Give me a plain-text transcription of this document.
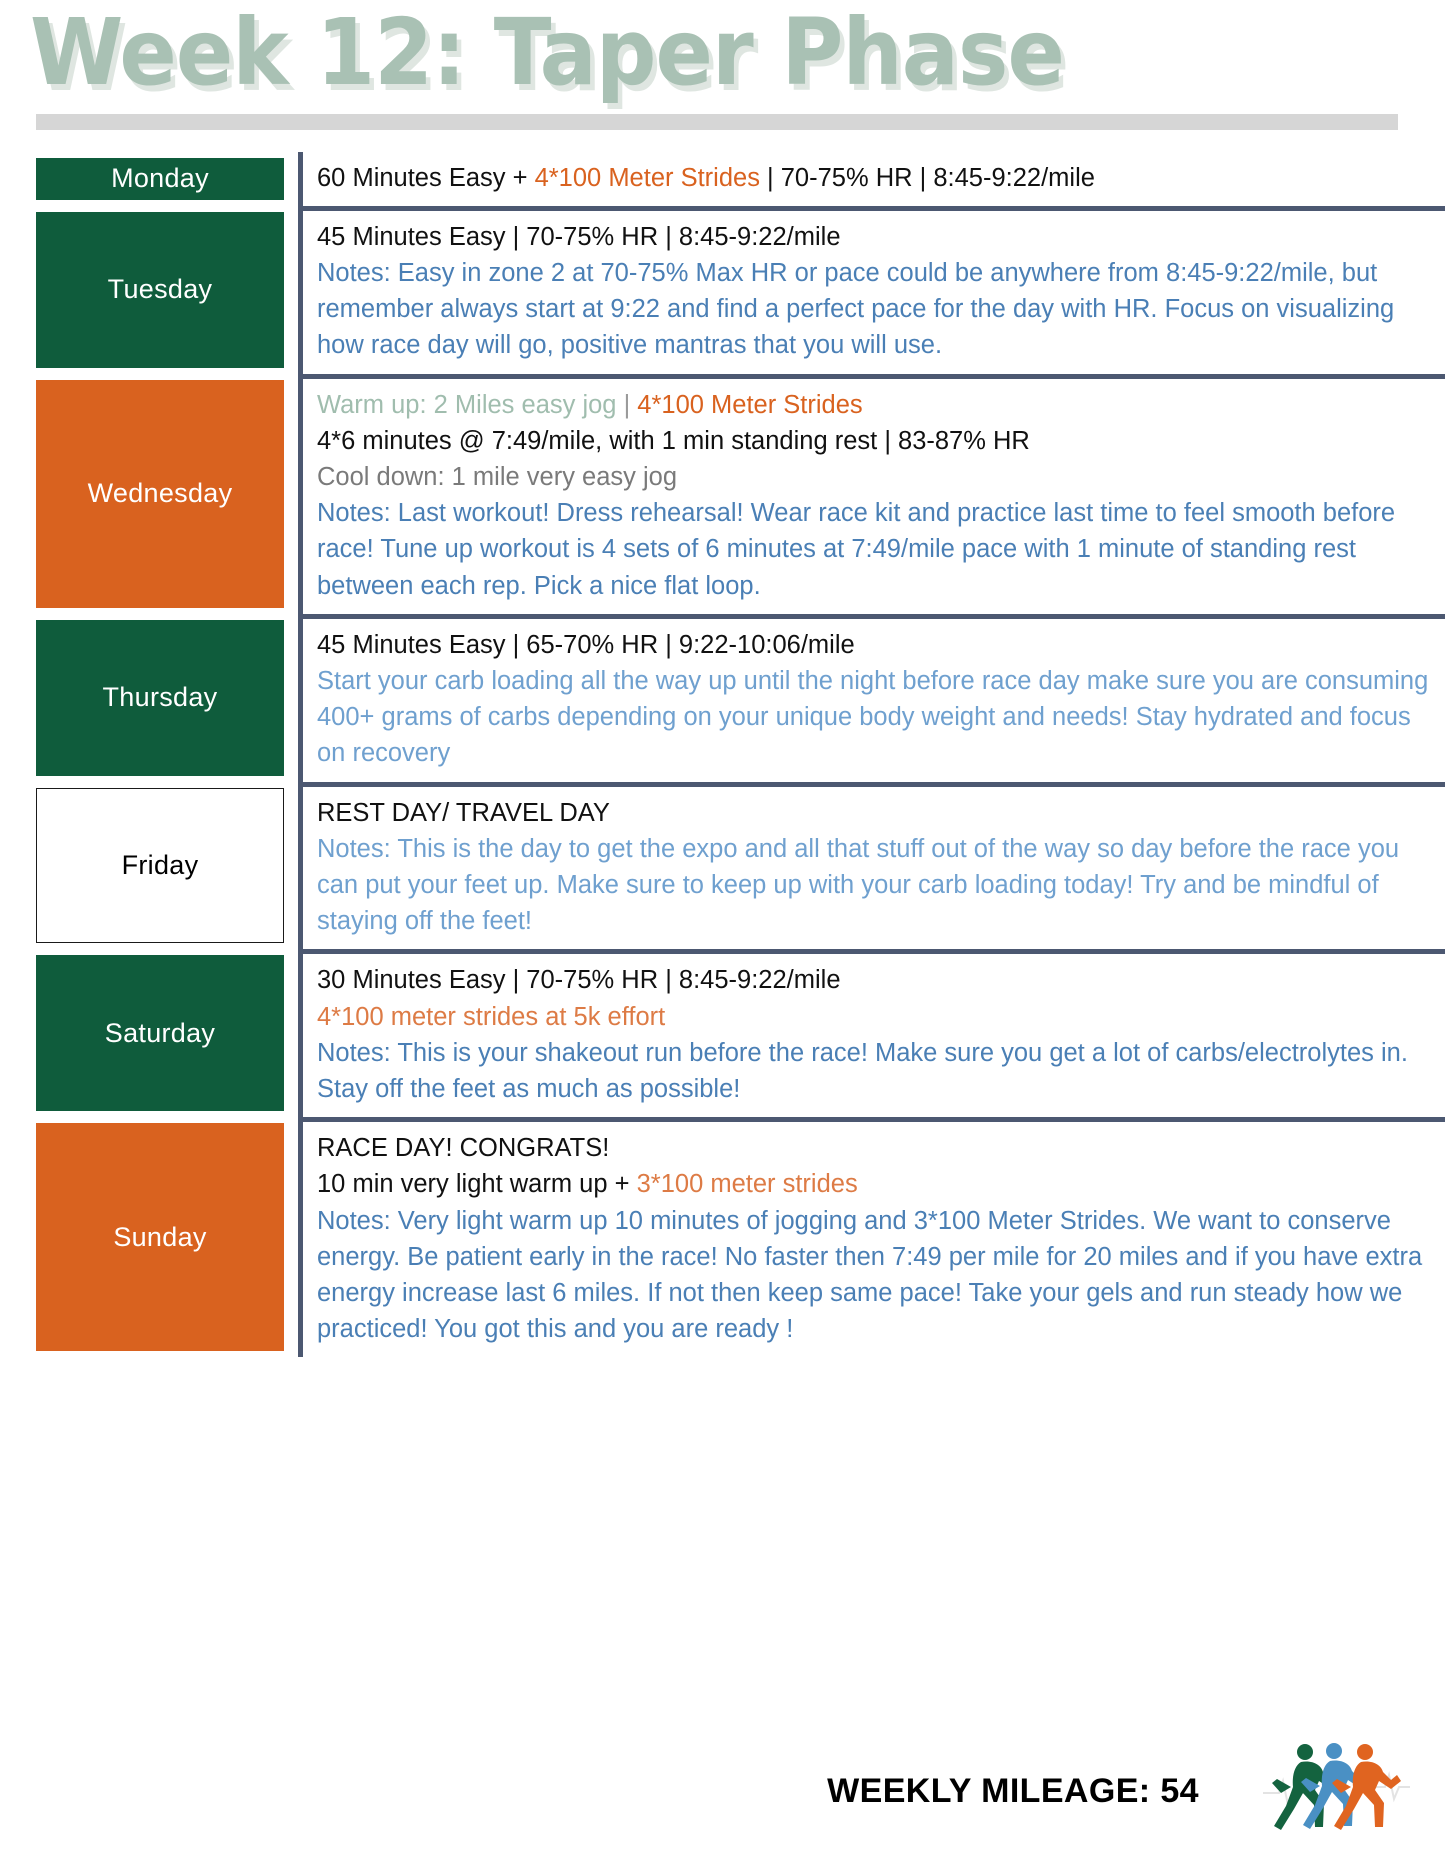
Week 12: Taper Phase
Monday	60 Minutes Easy + 4*100 Meter Strides | 70-75% HR | 8:45-9:22/mile

Tuesday

45 Minutes Easy | 70-75% HR | 8:45-9:22/mile

Notes: Easy in zone 2 at 70-75% Max HR or pace could be anywhere from 8:45-9:22/mile, but remember always start at 9:22 and find a perfect pace for the day with HR. Focus on visualizing how race day will go, positive mantras that you will use.

Wednesday

Warm up: 2 Miles easy jog | 4*100 Meter Strides

4*6 minutes @ 7:49/mile, with 1 min standing rest | 83-87% HR

Cool down: 1 mile very easy jog

Notes: Last workout! Dress rehearsal! Wear race kit and practice last time to feel smooth before race! Tune up workout is 4 sets of 6 minutes at 7:49/mile pace with 1 minute of standing rest between each rep. Pick a nice flat loop.

Thursday

45 Minutes Easy | 65-70% HR | 9:22-10:06/mile

Start your carb loading all the way up until the night before race day make sure you are consuming 400+ grams of carbs depending on your unique body weight and needs! Stay hydrated and focus on recovery

Friday

REST DAY/ TRAVEL DAY

Notes: This is the day to get the expo and all that stuff out of the way so day before the race you can put your feet up. Make sure to keep up with your carb loading today! Try and be mindful of staying off the feet!

Saturday

30 Minutes Easy | 70-75% HR | 8:45-9:22/mile

4*100 meter strides at 5k effort

Notes: This is your shakeout run before the race! Make sure you get a lot of carbs/electrolytes in. Stay off the feet as much as possible!

Sunday

RACE DAY! CONGRATS!

10 min very light warm up + 3*100 meter strides

Notes: Very light warm up 10 minutes of jogging and 3*100 Meter Strides. We want to conserve energy. Be patient early in the race! No faster then 7:49 per mile for 20 miles and if you have extra energy increase last 6 miles. If not then keep same pace! Take your gels and run steady how we practiced! You got this and you are ready !

WEEKLY MILEAGE: 54
